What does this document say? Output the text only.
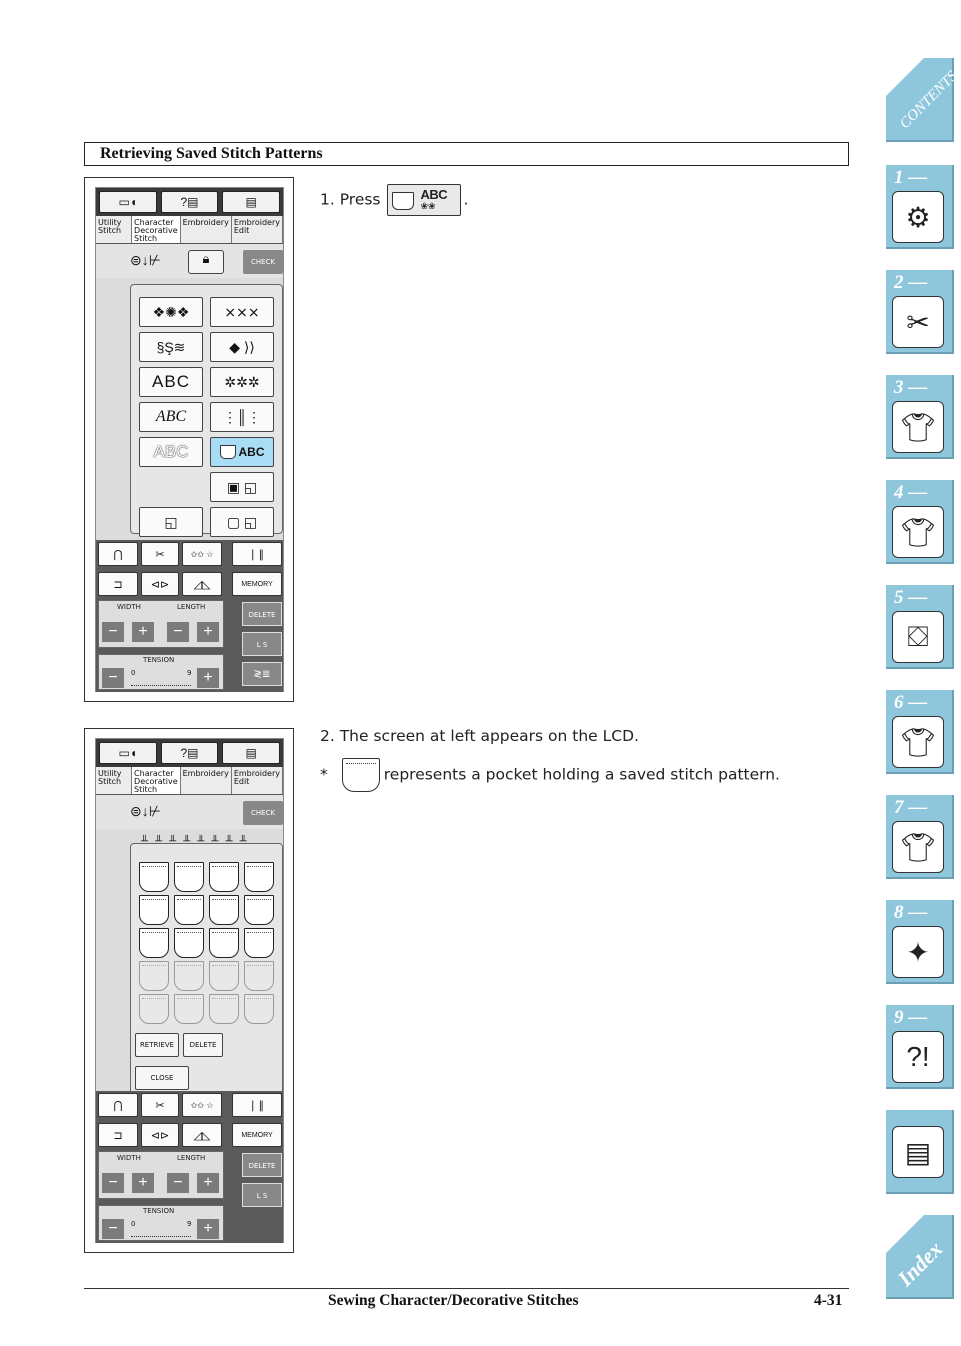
Retrieving Saved Stitch Patterns
▭◖	?▤	▤
Utility Stitch
Character Decorative Stitch
Embroidery Embroidery Edit
⊜↓⊬	🔒︎	CHECK
❖✺❖ ⨯⨯⨯
§Ş≋	◆ ⟩⟩
ABC	✲✲✲
ABC	⋮║⋮
ABC	ABC
▣ ◱
◱	▢ ◱
⋂	✂	✩✩ ☆	∣ ∥
⊐	⊲⊳ ◿◺	MEMORY
WIDTH	LENGTH
−	+	−	+
DELETE
L S
≷≣
TENSION
−	0	9 +
1. Press	ABC
❀❀ .
▭◖	?▤	▤
Utility Stitch
Character Decorative Stitch
Embroidery Embroidery Edit
⊜↓⊬	CHECK
╨╨╨╨╨╨╨╨
RETRIEVE	DELETE
CLOSE
⋂	✂	✩✩ ☆	∣ ∥
⊐	⊲⊳ ◿◺	MEMORY
WIDTH	LENGTH
−	+	−	+
DELETE
L S
TENSION
−	0	9 +
2. The screen at left appears on the LCD.
*	represents a pocket holding a saved stitch pattern.
CONTENTS
1 —
⚙
2 —
✂
3 —
👕︎
4 —
👕︎
5 —
⛋
6 —
👕︎
7 —
👕︎
8 —
✦
9 —
?!
▤
Index
Sewing Character/Decorative Stitches	4-31
